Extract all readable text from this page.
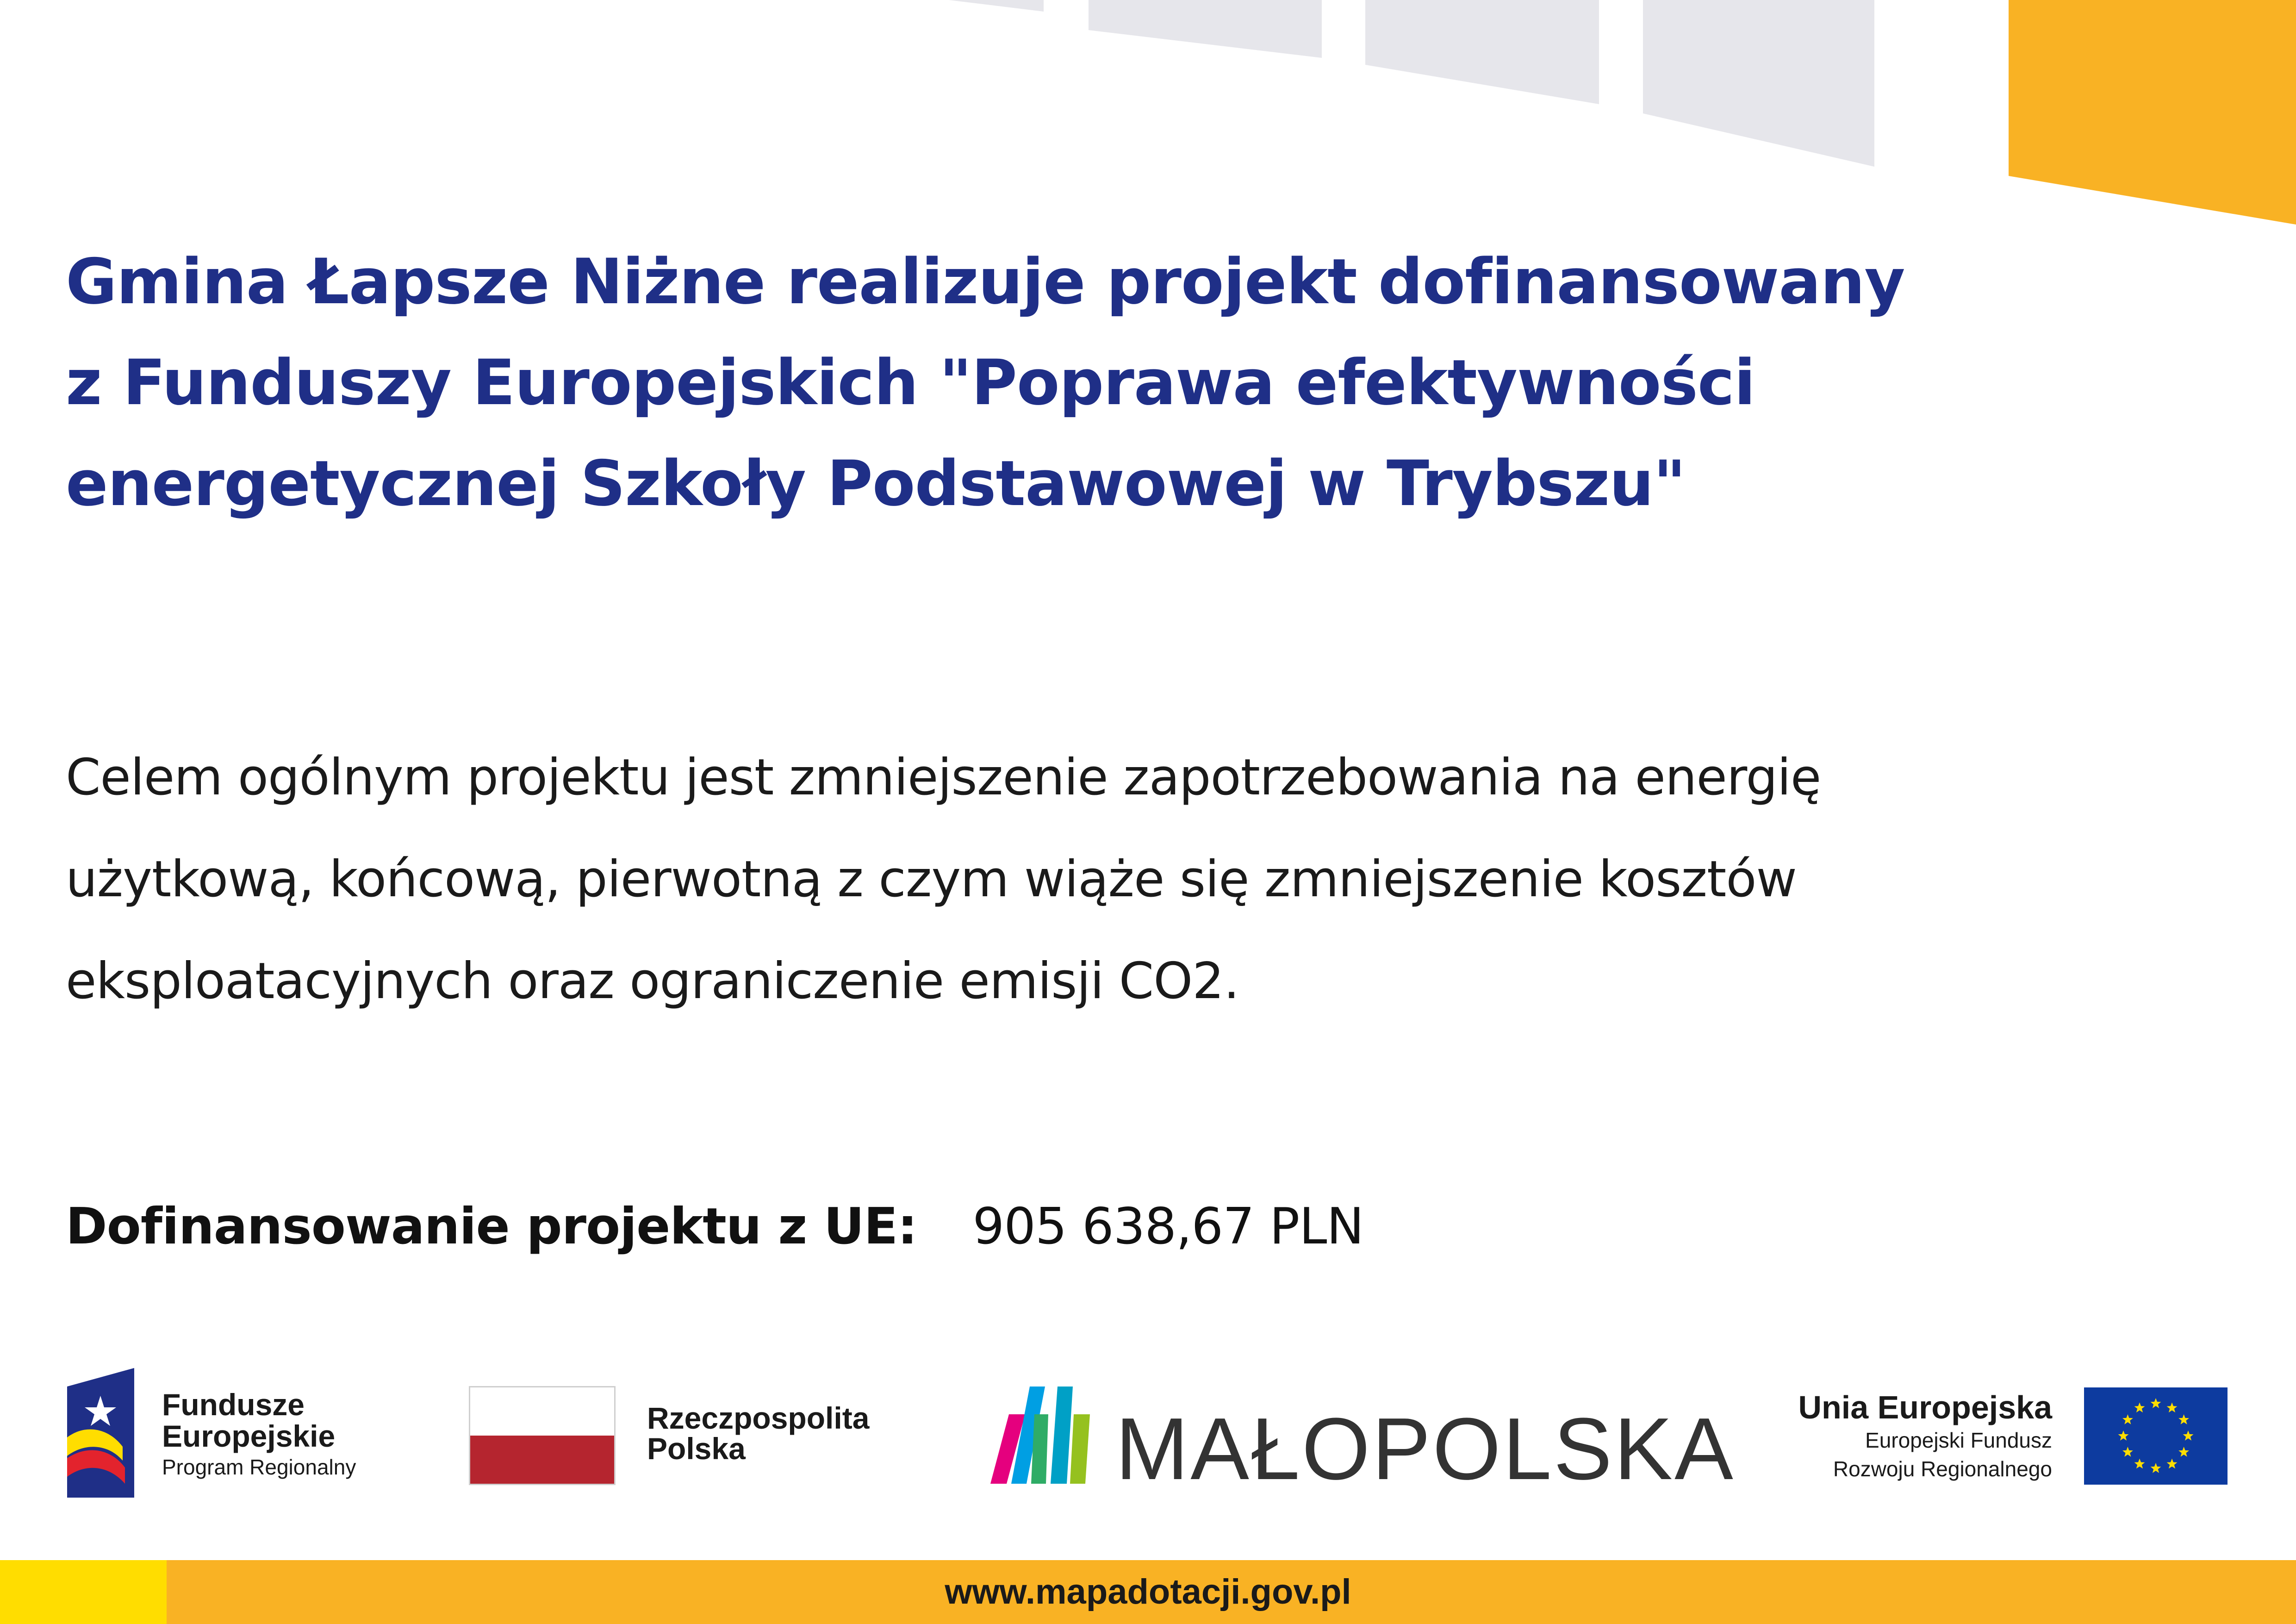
Gmina Łapsze Niżne realizuje projekt dofinansowany
z Funduszy Europejskich "Poprawa efektywności
energetycznej Szkoły Podstawowej w Trybszu"

Celem ogólnym projektu jest zmniejszenie zapotrzebowania na energię
użytkową, końcową, pierwotną z czym wiąże się zmniejszenie kosztów
eksploatacyjnych oraz ograniczenie emisji CO2.

Dofinansowanie projektu z UE: 905 638,67 PLN
Fundusze
Europejskie
Program Regionalny
Rzeczpospolita
Polska	MAŁOPOLSKA Unia Europejska
Europejski Fundusz
Rozwoju Regionalnego
www.mapadotacji.gov.pl
